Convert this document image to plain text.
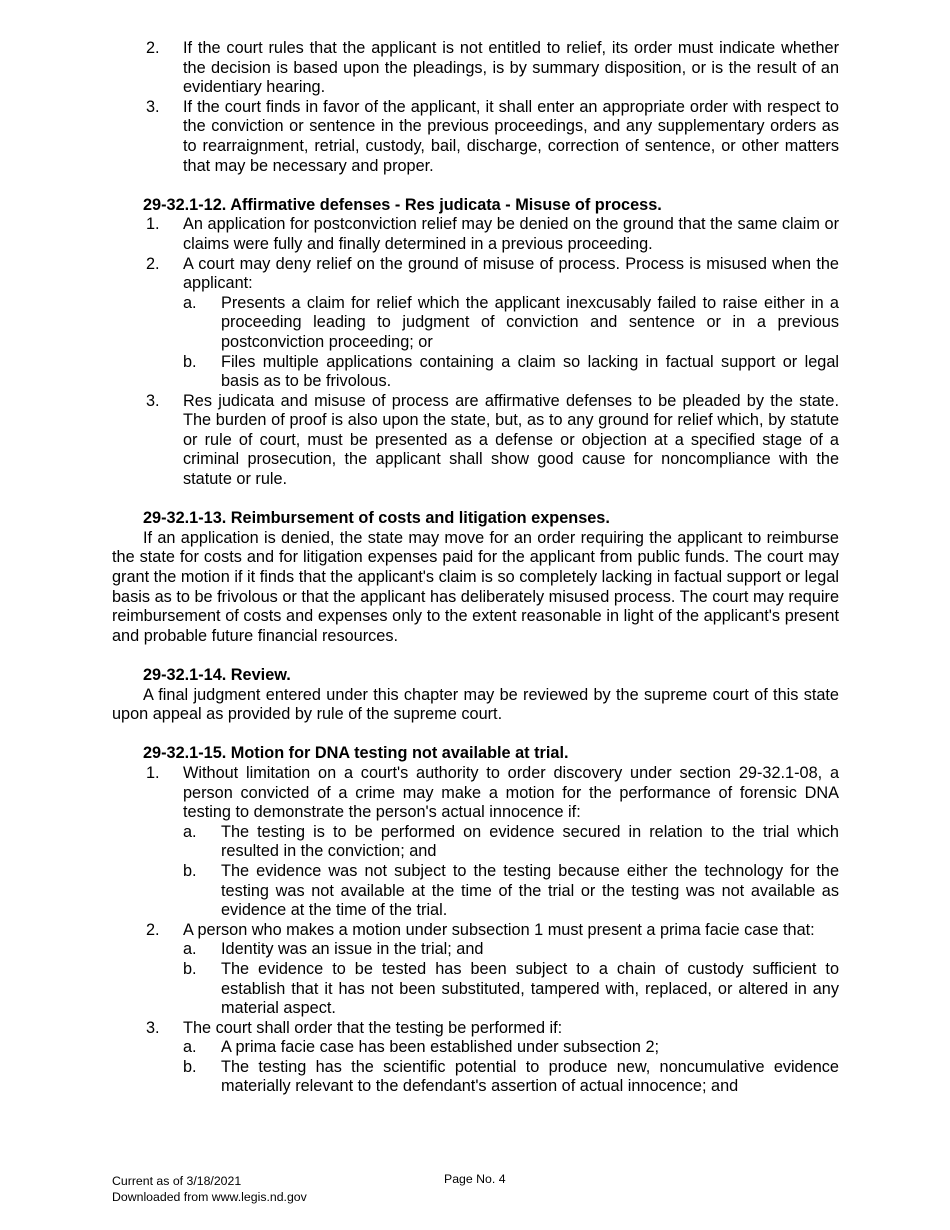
2. If the court rules that the applicant is not entitled to relief, its order must indicate whether the decision is based upon the pleadings, is by summary disposition, or is the result of an evidentiary hearing.
3. If the court finds in favor of the applicant, it shall enter an appropriate order with respect to the conviction or sentence in the previous proceedings, and any supplementary orders as to rearraignment, retrial, custody, bail, discharge, correction of sentence, or other matters that may be necessary and proper.
29-32.1-12. Affirmative defenses - Res judicata - Misuse of process.
1. An application for postconviction relief may be denied on the ground that the same claim or claims were fully and finally determined in a previous proceeding.
2. A court may deny relief on the ground of misuse of process. Process is misused when the applicant:
a. Presents a claim for relief which the applicant inexcusably failed to raise either in a proceeding leading to judgment of conviction and sentence or in a previous postconviction proceeding; or
b. Files multiple applications containing a claim so lacking in factual support or legal basis as to be frivolous.
3. Res judicata and misuse of process are affirmative defenses to be pleaded by the state. The burden of proof is also upon the state, but, as to any ground for relief which, by statute or rule of court, must be presented as a defense or objection at a specified stage of a criminal prosecution, the applicant shall show good cause for noncompliance with the statute or rule.
29-32.1-13. Reimbursement of costs and litigation expenses.
If an application is denied, the state may move for an order requiring the applicant to reimburse the state for costs and for litigation expenses paid for the applicant from public funds. The court may grant the motion if it finds that the applicant's claim is so completely lacking in factual support or legal basis as to be frivolous or that the applicant has deliberately misused process. The court may require reimbursement of costs and expenses only to the extent reasonable in light of the applicant's present and probable future financial resources.
29-32.1-14. Review.
A final judgment entered under this chapter may be reviewed by the supreme court of this state upon appeal as provided by rule of the supreme court.
29-32.1-15. Motion for DNA testing not available at trial.
1. Without limitation on a court's authority to order discovery under section 29-32.1-08, a person convicted of a crime may make a motion for the performance of forensic DNA testing to demonstrate the person's actual innocence if:
a. The testing is to be performed on evidence secured in relation to the trial which resulted in the conviction; and
b. The evidence was not subject to the testing because either the technology for the testing was not available at the time of the trial or the testing was not available as evidence at the time of the trial.
2. A person who makes a motion under subsection 1 must present a prima facie case that:
a. Identity was an issue in the trial; and
b. The evidence to be tested has been subject to a chain of custody sufficient to establish that it has not been substituted, tampered with, replaced, or altered in any material aspect.
3. The court shall order that the testing be performed if:
a. A prima facie case has been established under subsection 2;
b. The testing has the scientific potential to produce new, noncumulative evidence materially relevant to the defendant's assertion of actual innocence; and
Current as of 3/18/2021
Downloaded from www.legis.nd.gov
Page No. 4
